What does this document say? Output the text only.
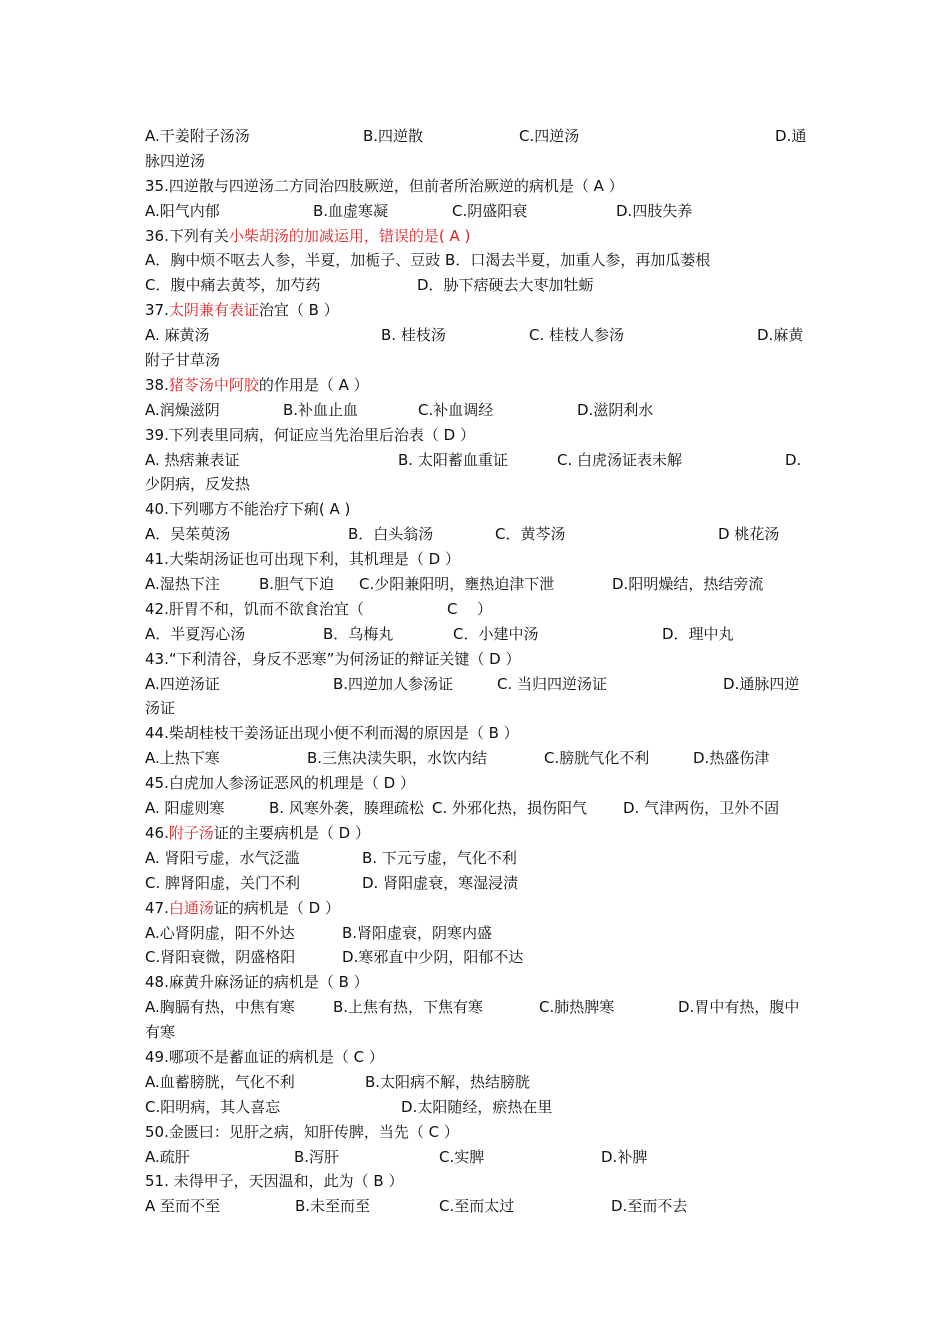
A.干姜附子汤汤	B.四逆散	C.四逆汤	D.通
脉四逆汤
35.四逆散与四逆汤二方同治四肢厥逆，但前者所治厥逆的病机是（ A ）
A.阳气内郁	B.血虚寒凝	C.阴盛阳衰	D.四肢失养
36.下列有关小柴胡汤的加减运用，错误的是( A )
A．胸中烦不呕去人参，半夏，加栀子、豆豉 B．口渴去半夏，加重人参，再加瓜蒌根
C．腹中痛去黄芩，加芍药	D．胁下痞硬去大枣加牡蛎
37.太阴兼有表证治宜（ B ）
A. 麻黄汤	B. 桂枝汤	C. 桂枝人参汤	D.麻黄
附子甘草汤
38.猪苓汤中阿胶的作用是（ A ）
A.润燥滋阴	B.补血止血	C.补血调经	D.滋阴利水
39.下列表里同病，何证应当先治里后治表（ D ）
A. 热痞兼表证	B. 太阳蓄血重证	C. 白虎汤证表未解	D.
少阴病，反发热
40.下列哪方不能治疗下痢( A )
A．吴茱萸汤	B．白头翁汤	C．黄芩汤	D 桃花汤
41.大柴胡汤证也可出现下利，其机理是（ D ）
A.湿热下注	B.胆气下迫 C.少阳兼阳明，壅热迫津下泄	D.阳明燥结，热结旁流
42.肝胃不和，饥而不欲食治宜（	C ）
A．半夏泻心汤	B．乌梅丸	C．小建中汤	D．理中丸
43.“下利清谷，身反不恶寒”为何汤证的辩证关键（ D ）
A.四逆汤证	B.四逆加人参汤证	C. 当归四逆汤证	D.通脉四逆
汤证
44.柴胡桂枝干姜汤证出现小便不利而渴的原因是（ B ）
A.上热下寒	B.三焦决渎失职，水饮内结	C.膀胱气化不利	D.热盛伤津
45.白虎加人参汤证恶风的机理是（ D ）
A. 阳虚则寒	B. 风寒外袭，腠理疏松 C. 外邪化热，损伤阳气 D. 气津两伤，卫外不固
46.附子汤证的主要病机是（ D ）
A. 肾阳亏虚，水气泛滥	B. 下元亏虚，气化不利
C. 脾肾阳虚，关门不利	D. 肾阳虚衰，寒湿浸渍
47.白通汤证的病机是（ D ）
A.心肾阴虚，阳不外达	B.肾阳虚衰，阴寒内盛
C.肾阳衰微，阴盛格阳	D.寒邪直中少阴，阳郁不达
48.麻黄升麻汤证的病机是（ B ）
A.胸膈有热，中焦有寒	B.上焦有热，下焦有寒	C.肺热脾寒	D.胃中有热，腹中
有寒
49.哪项不是蓄血证的病机是（ C ）
A.血蓄膀胱，气化不利	B.太阳病不解，热结膀胱
C.阳明病，其人喜忘	D.太阳随经，瘀热在里
50.金匮曰：见肝之病，知肝传脾，当先（ C ）
A.疏肝	B.泻肝	C.实脾	D.补脾
51. 未得甲子，天因温和，此为（ B ）
A 至而不至	B.未至而至	C.至而太过	D.至而不去
